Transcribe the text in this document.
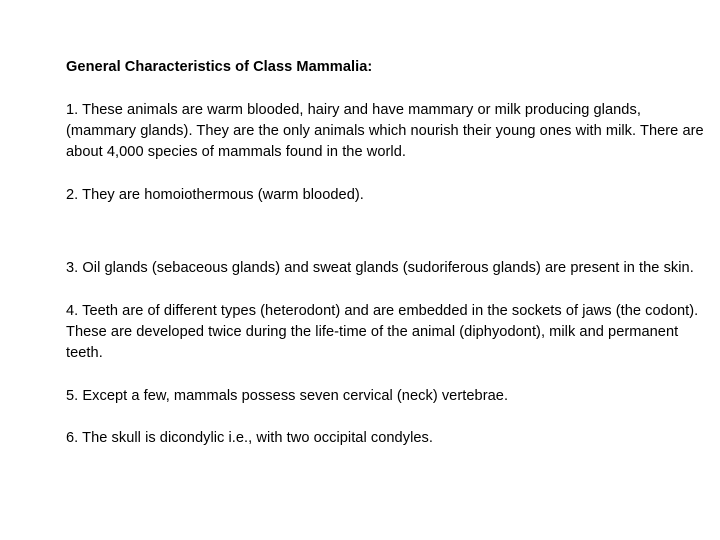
General Characteristics of Class Mammalia:

1. These animals are warm blooded, hairy and have mammary or milk producing glands, (mammary glands). They are the only animals which nourish their young ones with milk. There are about 4,000 species of mammals found in the world.

2. They are homoiothermous (warm blooded).

3. Oil glands (sebaceous glands) and sweat glands (sudoriferous glands) are present in the skin.

4. Teeth are of different types (heterodont) and are embedded in the sockets of jaws (the codont). These are developed twice during the life-time of the animal (diphyodont), milk and permanent teeth.

5. Except a few, mammals possess seven cervical (neck) vertebrae.

6. The skull is dicondylic i.e., with two occipital condyles.
